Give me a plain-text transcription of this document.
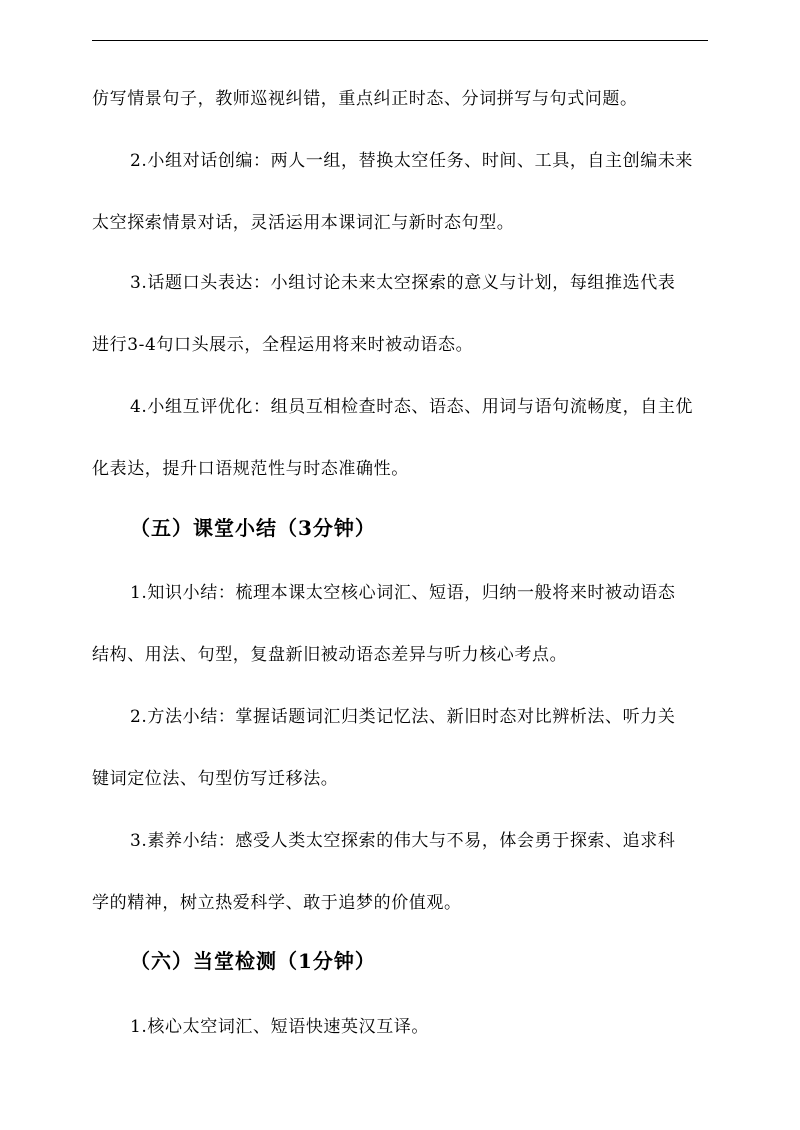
仿写情景句子，教师巡视纠错，重点纠正时态、分词拼写与句式问题。
2.小组对话创编：两人一组，替换太空任务、时间、工具，自主创编未来
太空探索情景对话，灵活运用本课词汇与新时态句型。
3.话题口头表达：小组讨论未来太空探索的意义与计划，每组推选代表
进行3-4句口头展示，全程运用将来时被动语态。
4.小组互评优化：组员互相检查时态、语态、用词与语句流畅度，自主优
化表达，提升口语规范性与时态准确性。
（五）课堂小结（3分钟）
1.知识小结：梳理本课太空核心词汇、短语，归纳一般将来时被动语态
结构、用法、句型，复盘新旧被动语态差异与听力核心考点。
2.方法小结：掌握话题词汇归类记忆法、新旧时态对比辨析法、听力关
键词定位法、句型仿写迁移法。
3.素养小结：感受人类太空探索的伟大与不易，体会勇于探索、追求科
学的精神，树立热爱科学、敢于追梦的价值观。
（六）当堂检测（1分钟）
1.核心太空词汇、短语快速英汉互译。
